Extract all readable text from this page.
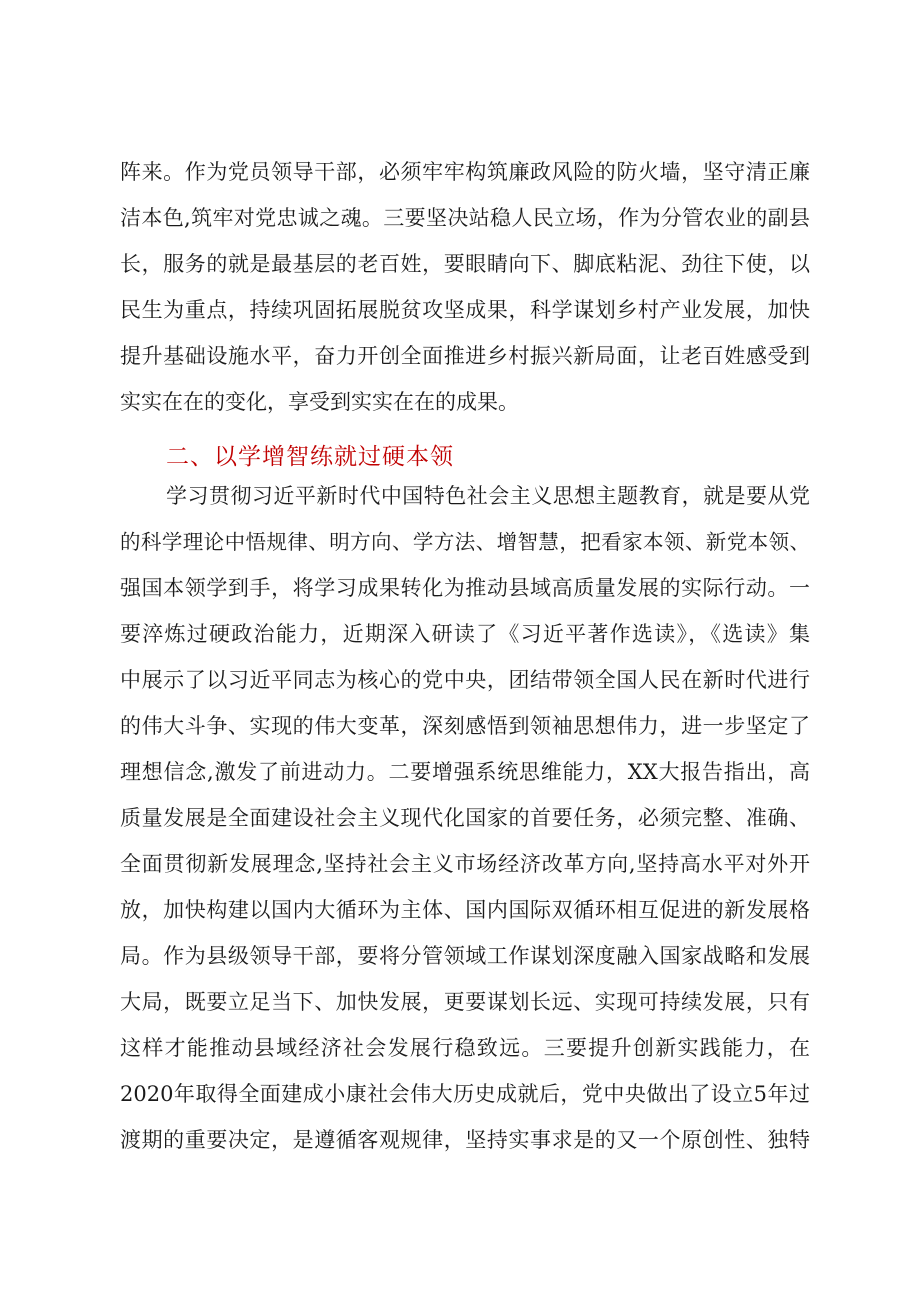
阵来。作为党员领导干部，必须牢牢构筑廉政风险的防火墙，坚守清正廉
洁本色,筑牢对党忠诚之魂。三要坚决站稳人民立场，作为分管农业的副县
长，服务的就是最基层的老百姓，要眼睛向下、脚底粘泥、劲往下使，以
民生为重点，持续巩固拓展脱贫攻坚成果，科学谋划乡村产业发展，加快
提升基础设施水平，奋力开创全面推进乡村振兴新局面，让老百姓感受到
实实在在的变化，享受到实实在在的成果。
二、以学增智练就过硬本领
学习贯彻习近平新时代中国特色社会主义思想主题教育，就是要从党
的科学理论中悟规律、明方向、学方法、增智慧，把看家本领、新党本领、
强国本领学到手，将学习成果转化为推动县域高质量发展的实际行动。一
要淬炼过硬政治能力，近期深入研读了《习近平著作选读》，《选读》集
中展示了以习近平同志为核心的党中央，团结带领全国人民在新时代进行
的伟大斗争、实现的伟大变革，深刻感悟到领袖思想伟力，进一步坚定了
理想信念,激发了前进动力。二要增强系统思维能力，XX大报告指出，高
质量发展是全面建设社会主义现代化国家的首要任务，必须完整、准确、
全面贯彻新发展理念,坚持社会主义市场经济改革方向,坚持高水平对外开
放，加快构建以国内大循环为主体、国内国际双循环相互促进的新发展格
局。作为县级领导干部，要将分管领域工作谋划深度融入国家战略和发展
大局，既要立足当下、加快发展，更要谋划长远、实现可持续发展，只有
这样才能推动县域经济社会发展行稳致远。三要提升创新实践能力，在
2020年取得全面建成小康社会伟大历史成就后，党中央做出了设立5年过
渡期的重要决定，是遵循客观规律，坚持实事求是的又一个原创性、独特
